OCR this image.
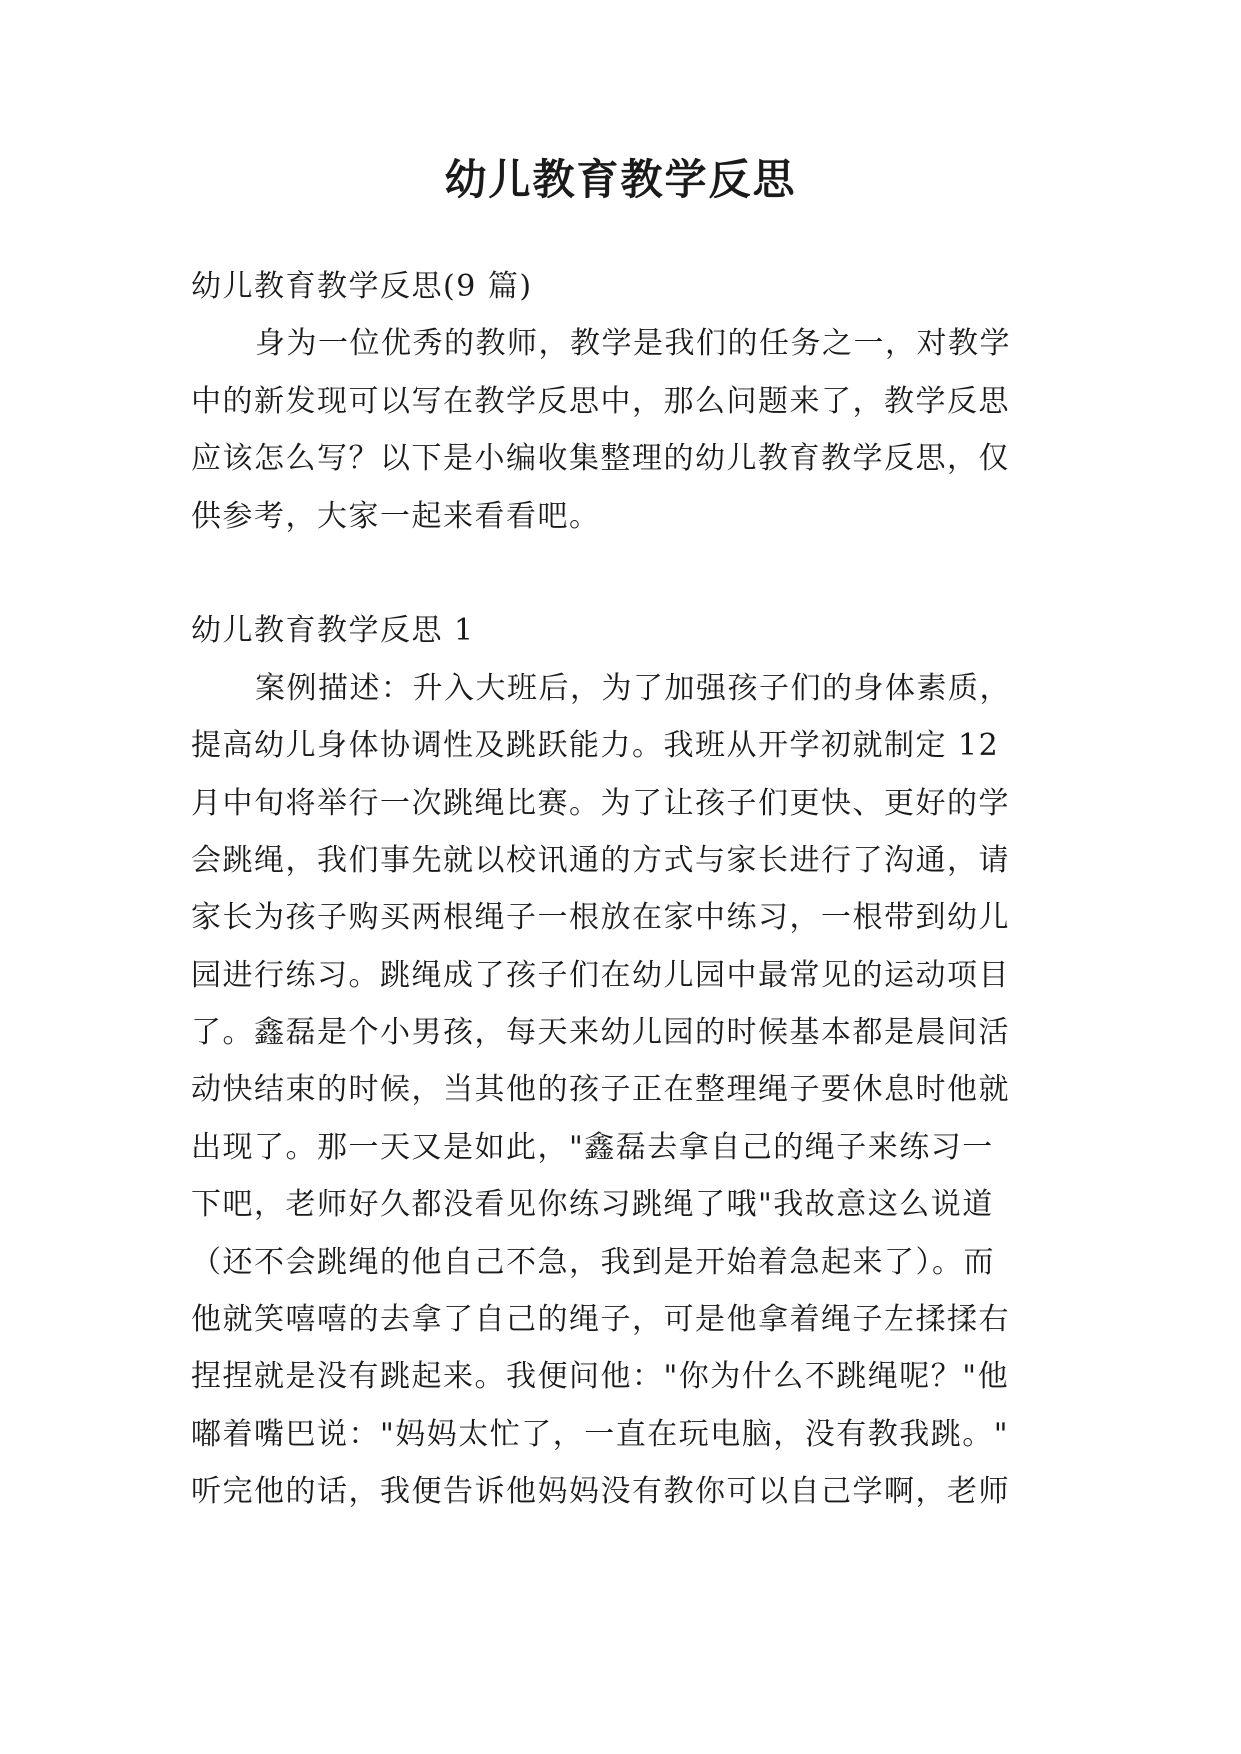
幼儿教育教学反思
幼儿教育教学反思(9 篇)
身为一位优秀的教师，教学是我们的任务之一，对教学
中的新发现可以写在教学反思中，那么问题来了，教学反思
应该怎么写？以下是小编收集整理的幼儿教育教学反思，仅
供参考，大家一起来看看吧。
幼儿教育教学反思 1
案例描述：升入大班后，为了加强孩子们的身体素质，
提高幼儿身体协调性及跳跃能力。我班从开学初就制定 12
月中旬将举行一次跳绳比赛。为了让孩子们更快、更好的学
会跳绳，我们事先就以校讯通的方式与家长进行了沟通，请
家长为孩子购买两根绳子一根放在家中练习，一根带到幼儿
园进行练习。跳绳成了孩子们在幼儿园中最常见的运动项目
了。鑫磊是个小男孩，每天来幼儿园的时候基本都是晨间活
动快结束的时候，当其他的孩子正在整理绳子要休息时他就
出现了。那一天又是如此，"鑫磊去拿自己的绳子来练习一
下吧，老师好久都没看见你练习跳绳了哦"我故意这么说道
（还不会跳绳的他自己不急，我到是开始着急起来了）。而
他就笑嘻嘻的去拿了自己的绳子，可是他拿着绳子左揉揉右
捏捏就是没有跳起来。我便问他："你为什么不跳绳呢？"他
嘟着嘴巴说："妈妈太忙了，一直在玩电脑，没有教我跳。"
听完他的话，我便告诉他妈妈没有教你可以自己学啊，老师
